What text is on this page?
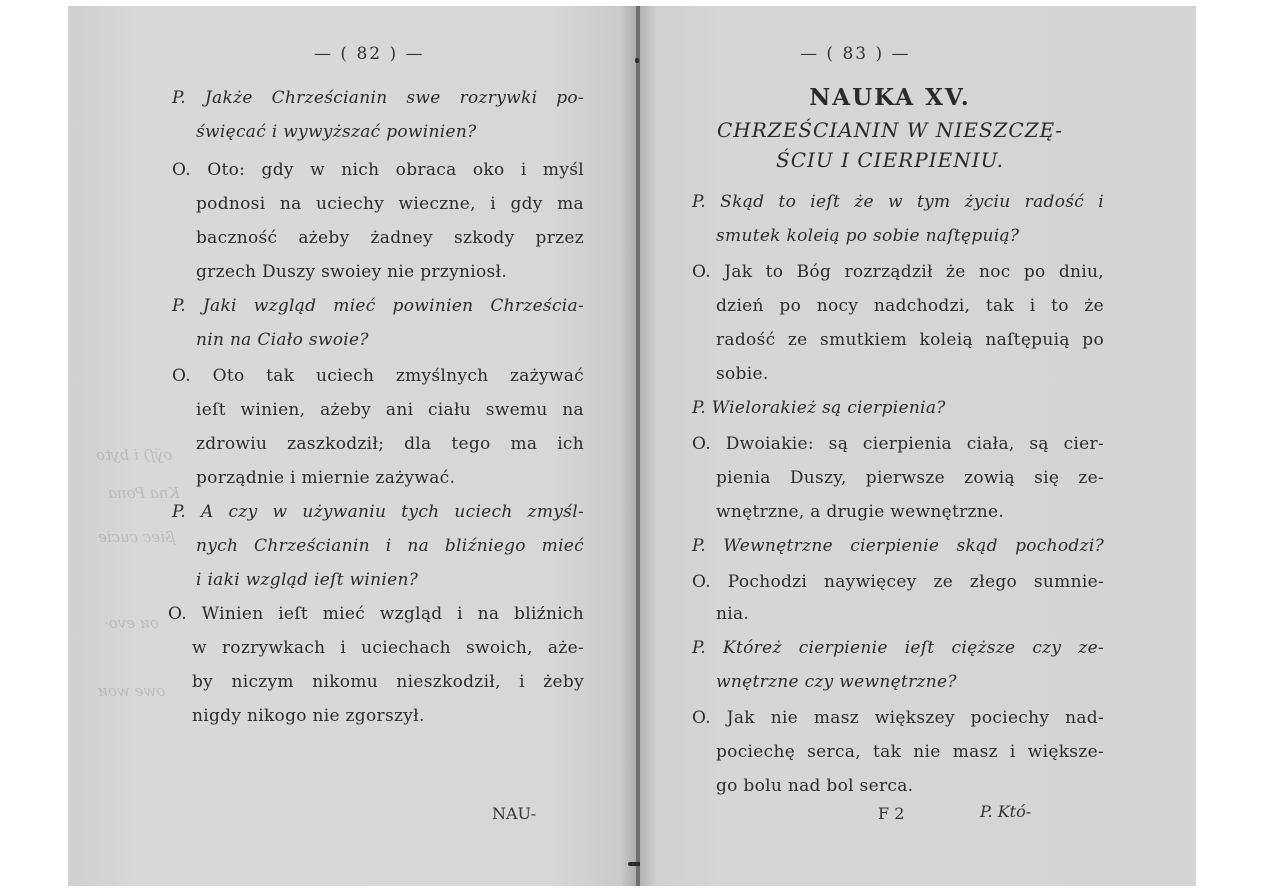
oÿſ) i byto
Kna Pona
ßiec cucie
oᴎ evo·
owe woᴎ
— ( 82 ) —
P. Jakże Chrześcianin swe rozrywki po-
święcać i wywyższać powinien?
O. Oto: gdy w nich obraca oko i myśl
podnosi na uciechy wieczne, i gdy ma
baczność ażeby żadney szkody przez
grzech Duszy swoiey nie przyniosł.
P. Jaki wzgląd mieć powinien Chrześcia-
nin na Ciało swoie?
O. Oto tak uciech zmyślnych zażywać
ieſt winien, ażeby ani ciału swemu na
zdrowiu zaszkodził; dla tego ma ich
porządnie i miernie zażywać.
P. A czy w używaniu tych uciech zmyśl-
nych Chrześcianin i na bliźniego mieć
i iaki wzgląd ieſt winien?
O. Winien ieſt mieć wzgląd i na bliźnich
w rozrywkach i uciechach swoich, aże-
by niczym nikomu nieszkodził, i żeby
nigdy nikogo nie zgorszył.
NAU-
— ( 83 ) —
NAUKA XV.
CHRZEŚCIANIN W NIESZCZĘ-
ŚCIU I CIERPIENIU.
P. Skąd to ieſt że w tym życiu radość i
smutek koleią po sobie naſtępuią?
O. Jak to Bóg rozrządził że noc po dniu,
dzień po nocy nadchodzi, tak i to że
radość ze smutkiem koleią naſtępuią po
sobie.
P. Wielorakież są cierpienia?
O. Dwoiakie: są cierpienia ciała, są cier-
pienia Duszy, pierwsze zowią się ze-
wnętrzne, a drugie wewnętrzne.
P. Wewnętrzne cierpienie skąd pochodzi?
O. Pochodzi naywięcey ze złego sumnie-
nia.
P. Któreż cierpienie ieſt cięższe czy ze-
wnętrzne czy wewnętrzne?
O. Jak nie masz większey pociechy nad-
pociechę serca, tak nie masz i większe-
go bolu nad bol serca.
F 2	P. Któ-
